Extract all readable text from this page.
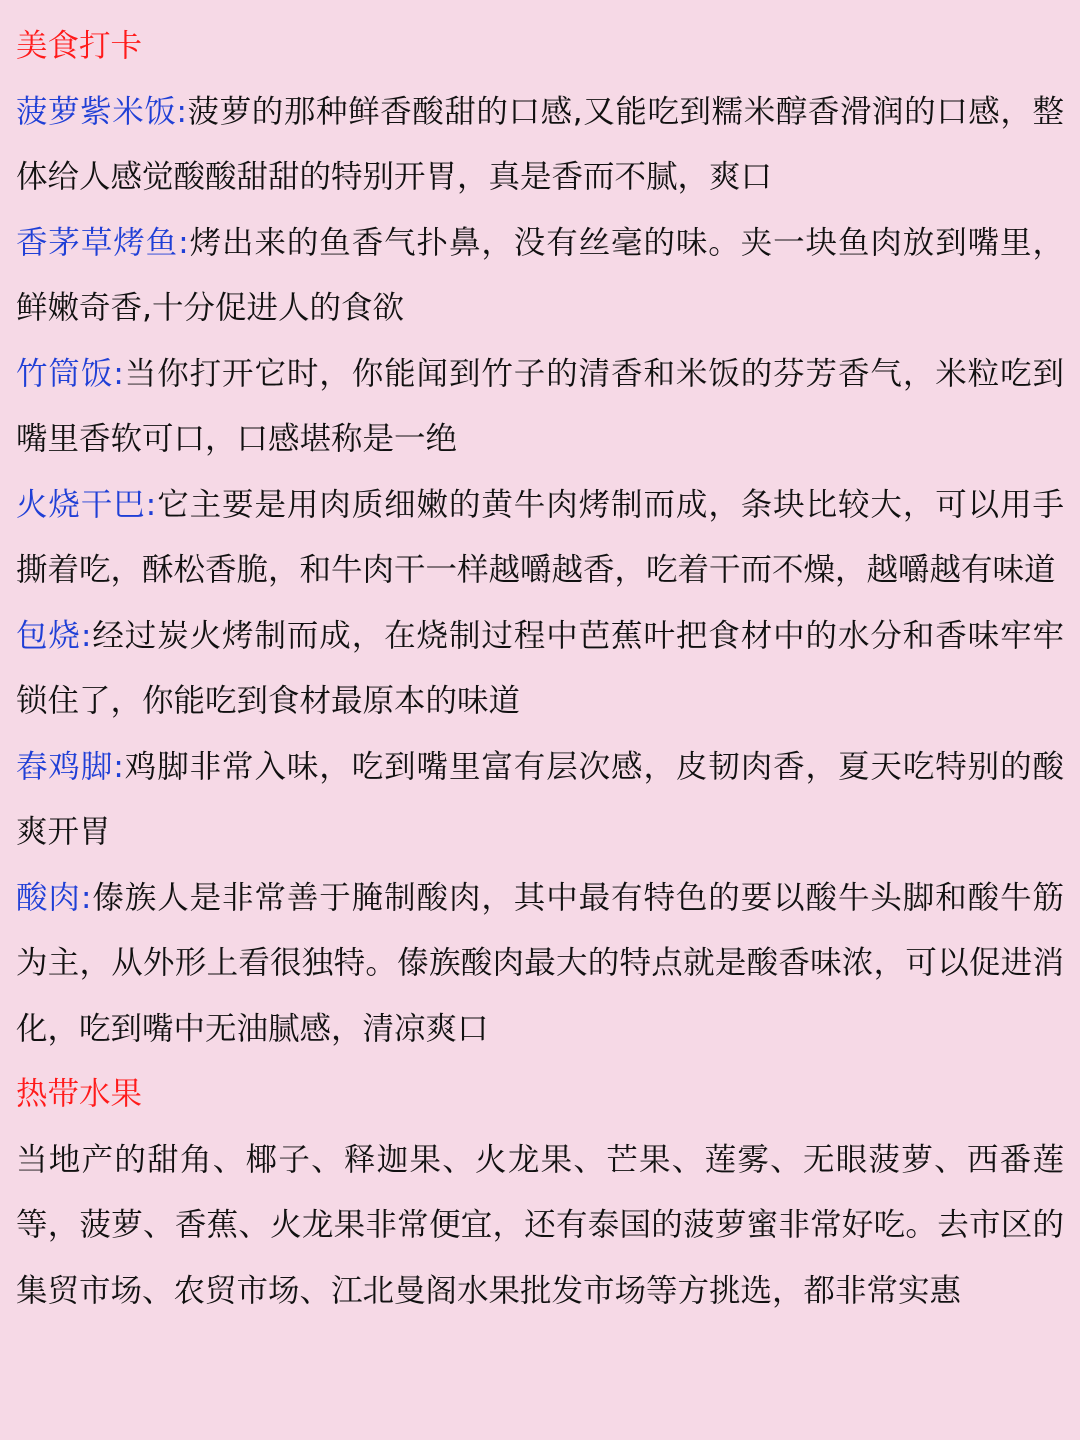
美食打卡

菠萝紫米饭:菠萝的那种鲜香酸甜的口感,又能吃到糯米醇香滑润的口感，整体给人感觉酸酸甜甜的特别开胃，真是香而不腻，爽口

香茅草烤鱼:烤出来的鱼香气扑鼻，没有丝毫的味。夹一块鱼肉放到嘴里，鲜嫩奇香,十分促进人的食欲

竹筒饭:当你打开它时，你能闻到竹子的清香和米饭的芬芳香气，米粒吃到嘴里香软可口，口感堪称是一绝

火烧干巴:它主要是用肉质细嫩的黄牛肉烤制而成，条块比较大，可以用手撕着吃，酥松香脆，和牛肉干一样越嚼越香，吃着干而不燥，越嚼越有味道

包烧:经过炭火烤制而成，在烧制过程中芭蕉叶把食材中的水分和香味牢牢锁住了，你能吃到食材最原本的味道

舂鸡脚:鸡脚非常入味，吃到嘴里富有层次感，皮韧肉香，夏天吃特别的酸爽开胃

酸肉:傣族人是非常善于腌制酸肉，其中最有特色的要以酸牛头脚和酸牛筋为主，从外形上看很独特。傣族酸肉最大的特点就是酸香味浓，可以促进消化，吃到嘴中无油腻感，清凉爽口

热带水果

当地产的甜角、椰子、释迦果、火龙果、芒果、莲雾、无眼菠萝、西番莲等，菠萝、香蕉、火龙果非常便宜，还有泰国的菠萝蜜非常好吃。去市区的集贸市场、农贸市场、江北曼阁水果批发市场等方挑选，都非常实惠
